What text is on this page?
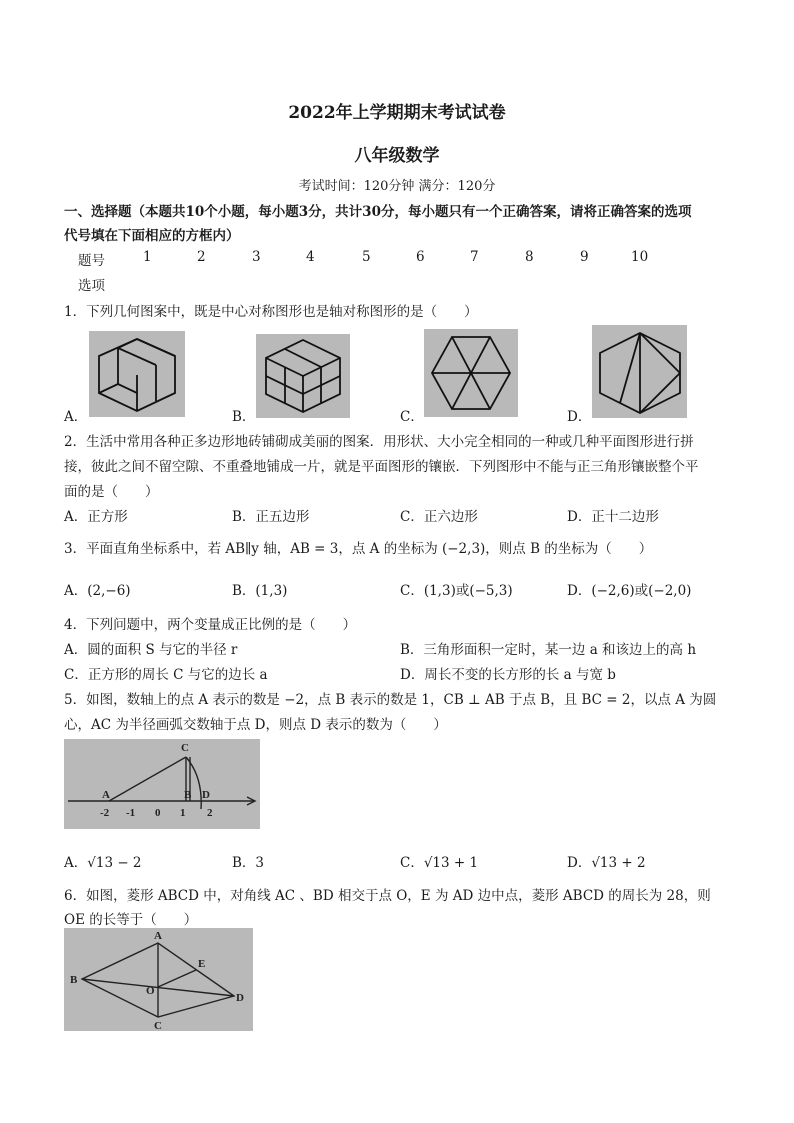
2022年上学期期末考试试卷
八年级数学
考试时间：120分钟 满分：120分
一、选择题（本题共10个小题，每小题3分，共计30分，每小题只有一个正确答案，请将正确答案的选项
代号填在下面相应的方框内）
题号	1	2	3	4	5	6	7	8	9	10
选项
1．下列几何图案中，既是中心对称图形也是轴对称图形的是（　　）
A．	B．	C．	D．
2．生活中常用各种正多边形地砖铺砌成美丽的图案．用形状、大小完全相同的一种或几种平面图形进行拼
接，彼此之间不留空隙、不重叠地铺成一片，就是平面图形的镶嵌．下列图形中不能与正三角形镶嵌整个平
面的是（　　）
A．正方形	B．正五边形	C．正六边形	D．正十二边形
3．平面直角坐标系中，若 AB∥y 轴，AB = 3，点 A 的坐标为 (−2,3)，则点 B 的坐标为（　　）
A．(2,−6)	B．(1,3)	C．(1,3)或(−5,3)	D．(−2,6)或(−2,0)
4．下列问题中，两个变量成正比例的是（　　）
A．圆的面积 S 与它的半径 r	B．三角形面积一定时，某一边 a 和该边上的高 h
C．正方形的周长 C 与它的边长 a	D．周长不变的长方形的长 a 与宽 b
5．如图，数轴上的点 A 表示的数是 −2，点 B 表示的数是 1，CB ⊥ AB 于点 B，且 BC = 2，以点 A 为圆
心，AC 为半径画弧交数轴于点 D，则点 D 表示的数为（　　）
C
A	B D
-2 -1 0 1 2
A．√13 − 2	B．3	C．√13 + 1	D．√13 + 2
6．如图，菱形 ABCD 中，对角线 AC 、BD 相交于点 O，E 为 AD 边中点，菱形 ABCD 的周长为 28，则
OE 的长等于（　　）
A
B
C
D
E
O
